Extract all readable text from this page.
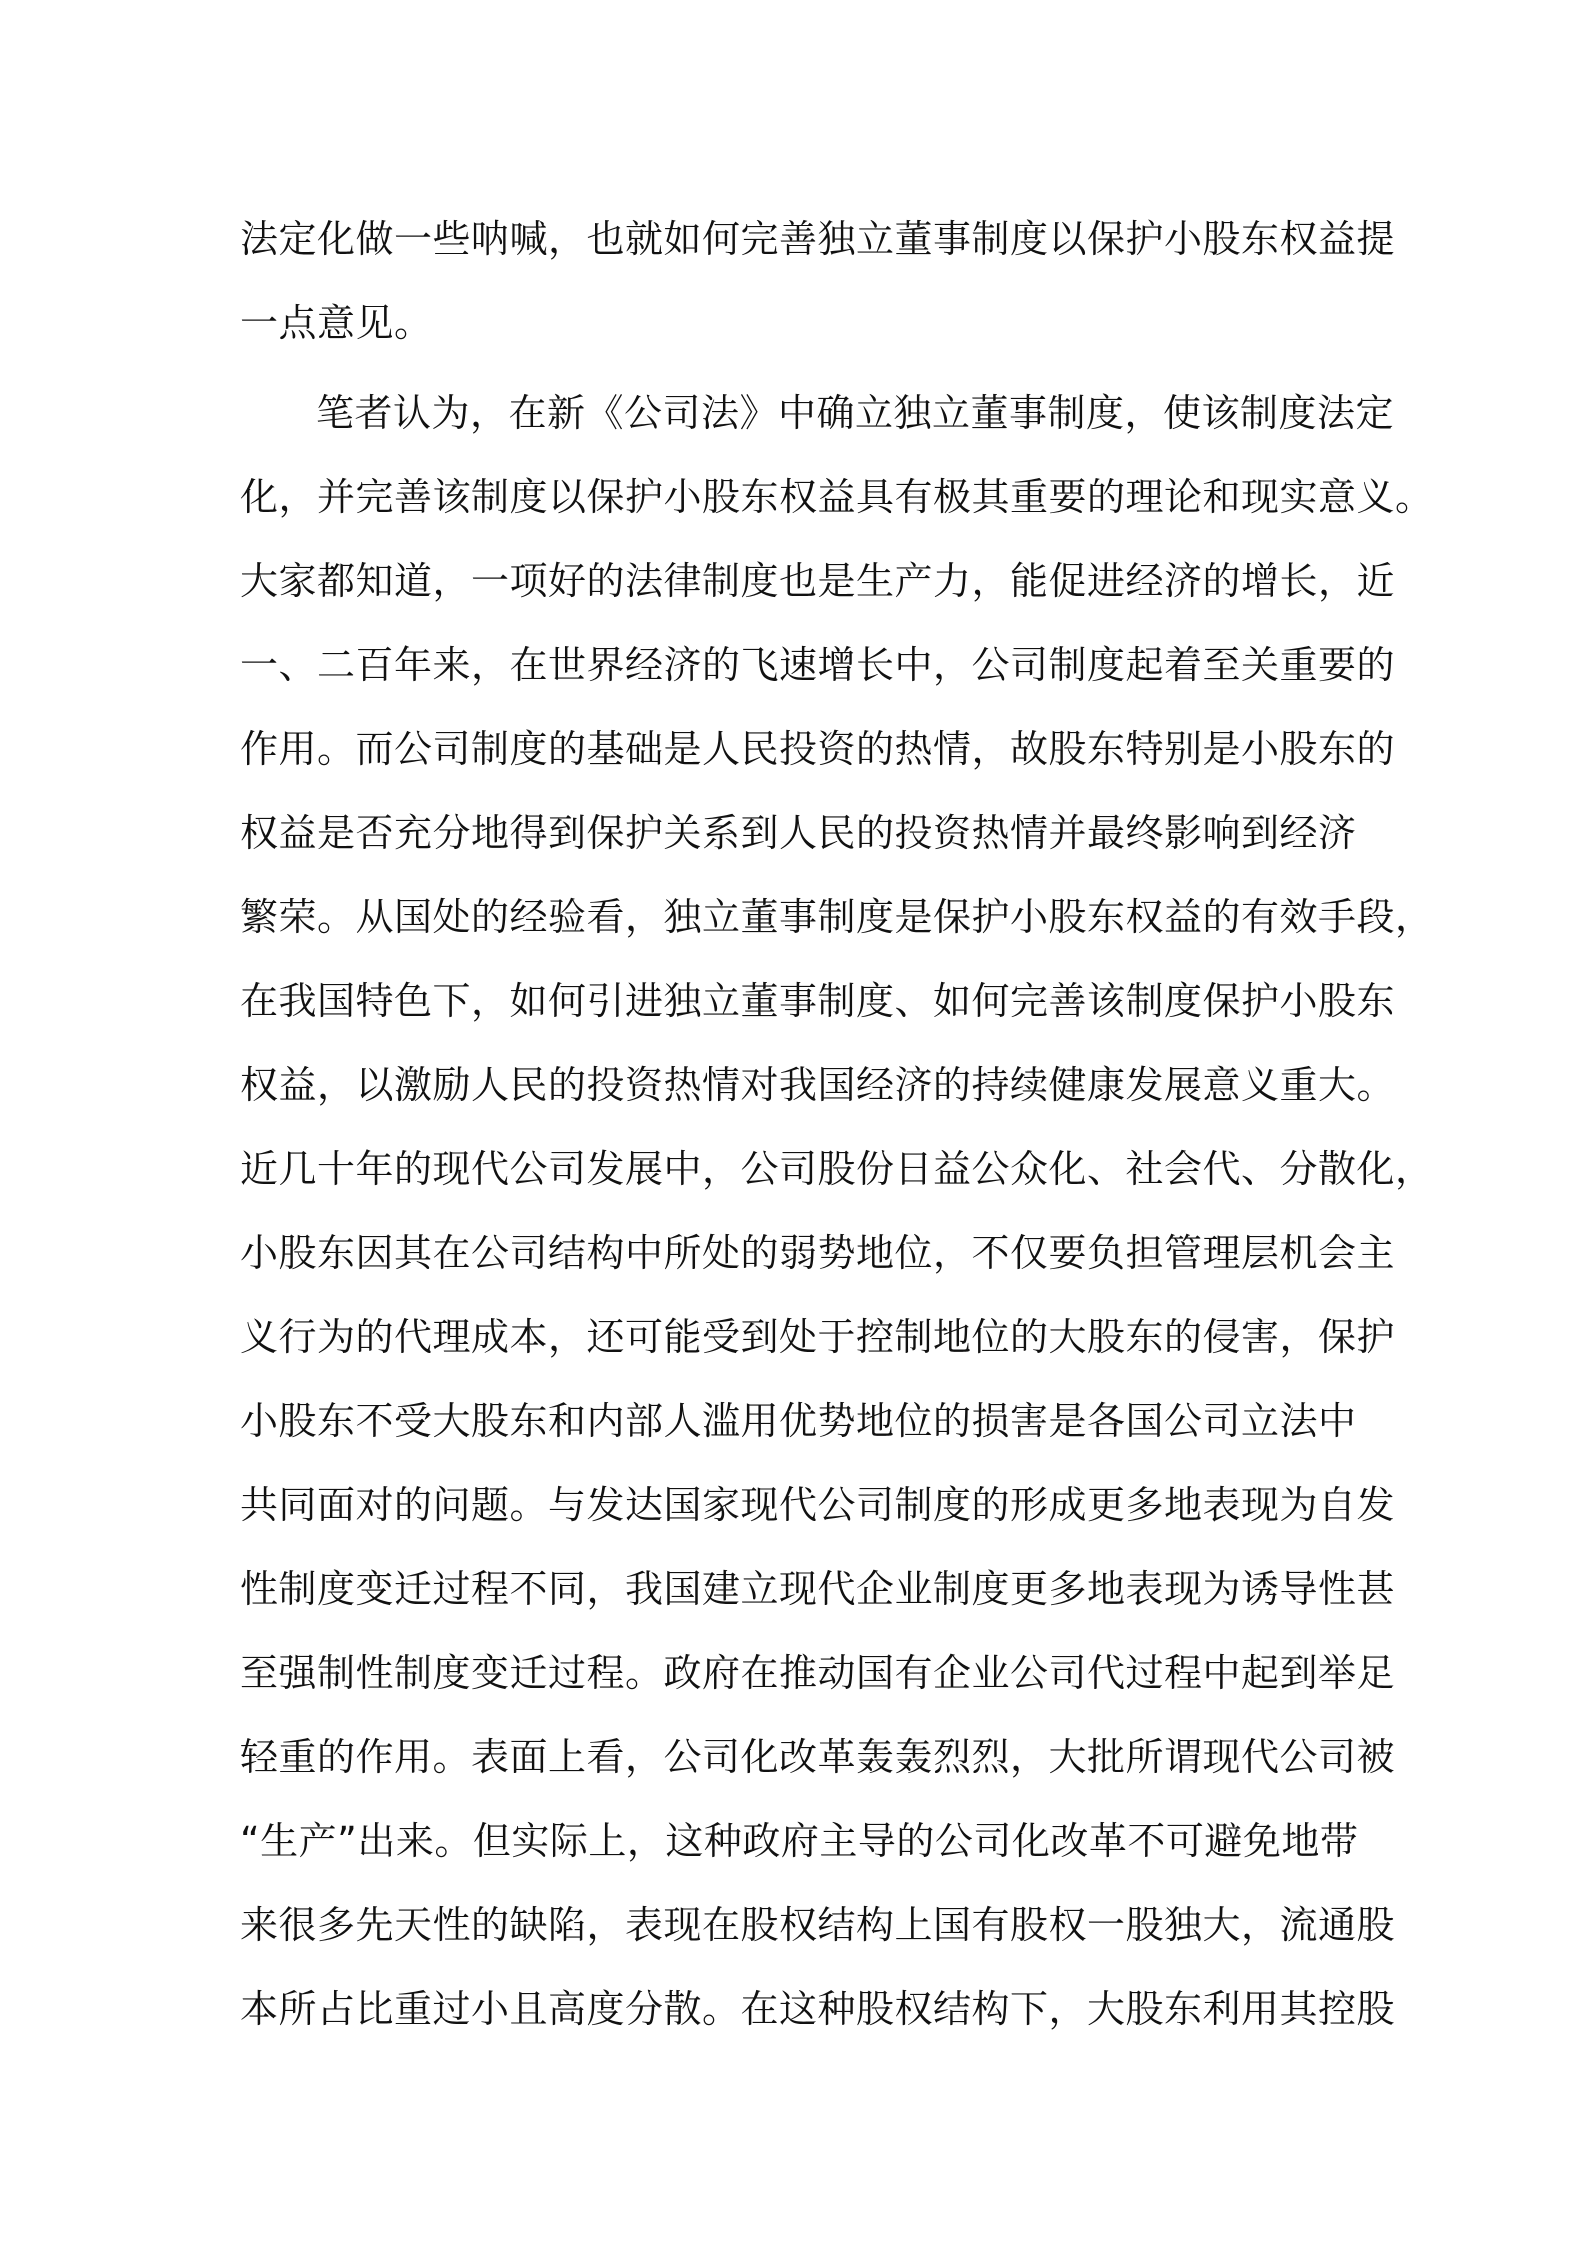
法定化做一些呐喊，也就如何完善独立董事制度以保护小股东权益提
一点意见。
笔者认为，在新《公司法》中确立独立董事制度，使该制度法定
化，并完善该制度以保护小股东权益具有极其重要的理论和现实意义。
大家都知道，一项好的法律制度也是生产力，能促进经济的增长，近
一、二百年来，在世界经济的飞速增长中，公司制度起着至关重要的
作用。而公司制度的基础是人民投资的热情，故股东特别是小股东的
权益是否充分地得到保护关系到人民的投资热情并最终影响到经济
繁荣。从国处的经验看，独立董事制度是保护小股东权益的有效手段，
在我国特色下，如何引进独立董事制度、如何完善该制度保护小股东
权益，以激励人民的投资热情对我国经济的持续健康发展意义重大。
近几十年的现代公司发展中，公司股份日益公众化、社会代、分散化，
小股东因其在公司结构中所处的弱势地位，不仅要负担管理层机会主
义行为的代理成本，还可能受到处于控制地位的大股东的侵害，保护
小股东不受大股东和内部人滥用优势地位的损害是各国公司立法中
共同面对的问题。与发达国家现代公司制度的形成更多地表现为自发
性制度变迁过程不同，我国建立现代企业制度更多地表现为诱导性甚
至强制性制度变迁过程。政府在推动国有企业公司代过程中起到举足
轻重的作用。表面上看，公司化改革轰轰烈烈，大批所谓现代公司被
“生产”出来。但实际上，这种政府主导的公司化改革不可避免地带
来很多先天性的缺陷，表现在股权结构上国有股权一股独大，流通股
本所占比重过小且高度分散。在这种股权结构下，大股东利用其控股
